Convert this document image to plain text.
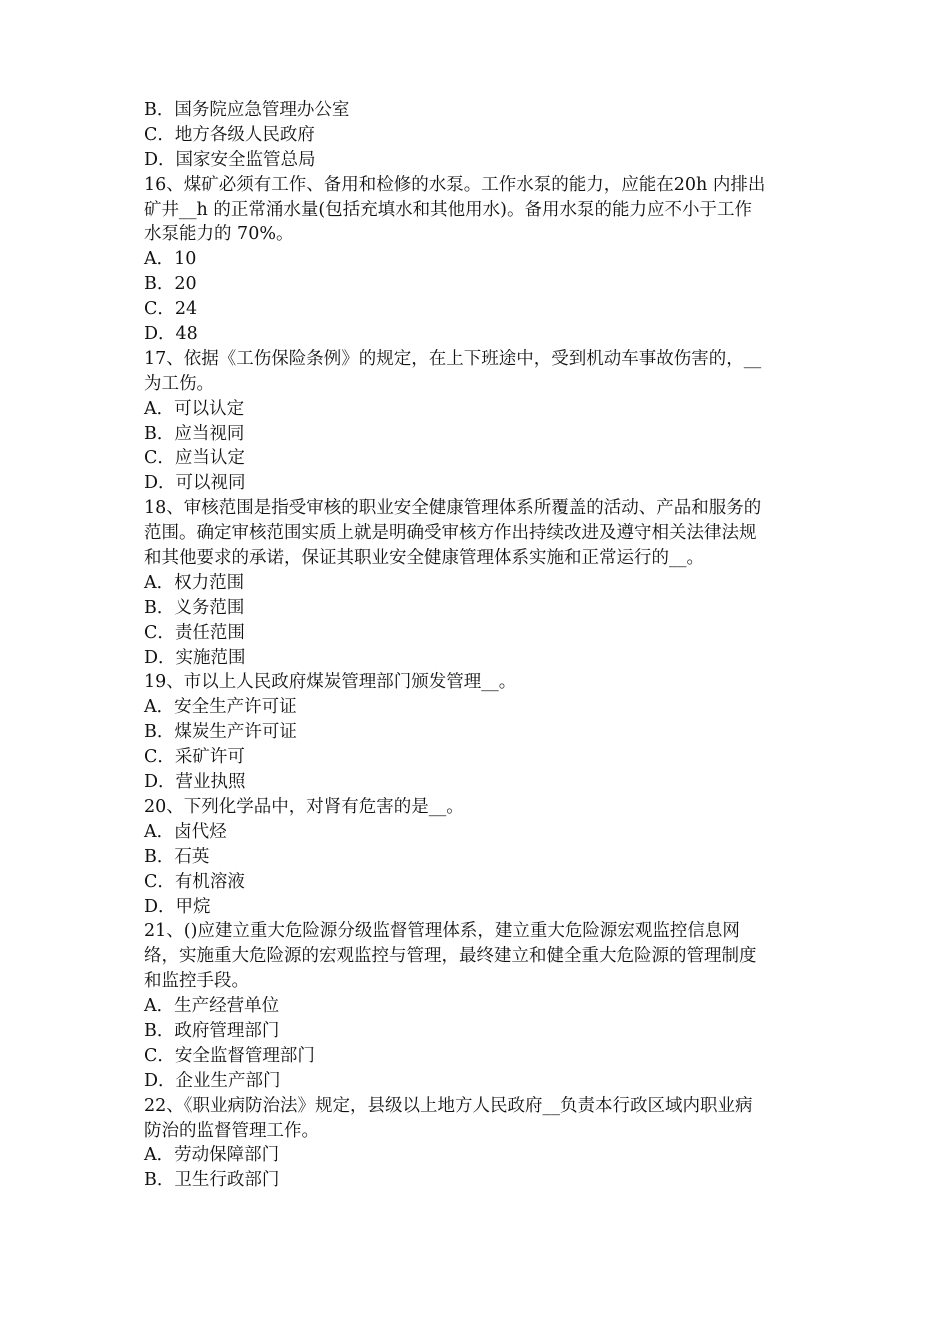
B．国务院应急管理办公室
C．地方各级人民政府
D．国家安全监管总局
16、煤矿必须有工作、备用和检修的水泵。工作水泵的能力，应能在20h 内排出
矿井__h 的正常涌水量(包括充填水和其他用水)。备用水泵的能力应不小于工作
水泵能力的 70%。
A．10
B．20
C．24
D．48
17、依据《工伤保险条例》的规定，在上下班途中，受到机动车事故伤害的，__
为工伤。
A．可以认定
B．应当视同
C．应当认定
D．可以视同
18、审核范围是指受审核的职业安全健康管理体系所覆盖的活动、产品和服务的
范围。确定审核范围实质上就是明确受审核方作出持续改进及遵守相关法律法规
和其他要求的承诺，保证其职业安全健康管理体系实施和正常运行的__。
A．权力范围
B．义务范围
C．责任范围
D．实施范围
19、市以上人民政府煤炭管理部门颁发管理__。
A．安全生产许可证
B．煤炭生产许可证
C．采矿许可
D．营业执照
20、下列化学品中，对肾有危害的是__。
A．卤代烃
B．石英
C．有机溶液
D．甲烷
21、()应建立重大危险源分级监督管理体系，建立重大危险源宏观监控信息网
络，实施重大危险源的宏观监控与管理，最终建立和健全重大危险源的管理制度
和监控手段。
A．生产经营单位
B．政府管理部门
C．安全监督管理部门
D．企业生产部门
22、《职业病防治法》规定，县级以上地方人民政府__负责本行政区域内职业病
防治的监督管理工作。
A．劳动保障部门
B．卫生行政部门
